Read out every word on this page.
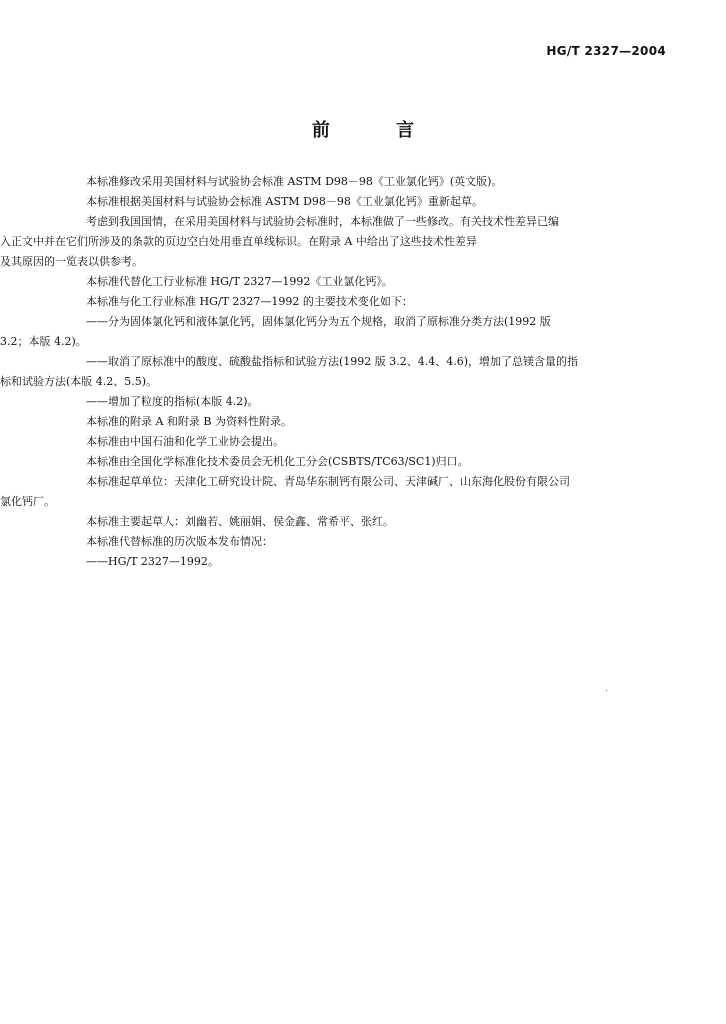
HG/T 2327—2004
前 言

本标准修改采用美国材料与试验协会标准 ASTM D98－98《工业氯化钙》(英文版)。

本标准根据美国材料与试验协会标准 ASTM D98－98《工业氯化钙》重新起草。

考虑到我国国情，在采用美国材料与试验协会标准时，本标准做了一些修改。有关技术性差异已编

入正文中并在它们所涉及的条款的页边空白处用垂直单线标识。在附录 A 中给出了这些技术性差异

及其原因的一览表以供参考。

本标准代替化工行业标准 HG/T 2327—1992《工业氯化钙》。

本标准与化工行业标准 HG/T 2327—1992 的主要技术变化如下：

——分为固体氯化钙和液体氯化钙，固体氯化钙分为五个规格，取消了原标准分类方法(1992 版

3.2；本版 4.2)。

——取消了原标准中的酸度、硫酸盐指标和试验方法(1992 版 3.2、4.4、4.6)，增加了总镁含量的指

标和试验方法(本版 4.2、5.5)。

——增加了粒度的指标(本版 4.2)。

本标准的附录 A 和附录 B 为资料性附录。

本标准由中国石油和化学工业协会提出。

本标准由全国化学标准化技术委员会无机化工分会(CSBTS/TC63/SC1)归口。

本标准起草单位：天津化工研究设计院、青岛华东制钙有限公司、天津碱厂、山东海化股份有限公司

氯化钙厂。

本标准主要起草人：刘幽若、姚丽娟、侯金鑫、常希平、张红。

本标准代替标准的历次版本发布情况：

——HG/T 2327—1992。
